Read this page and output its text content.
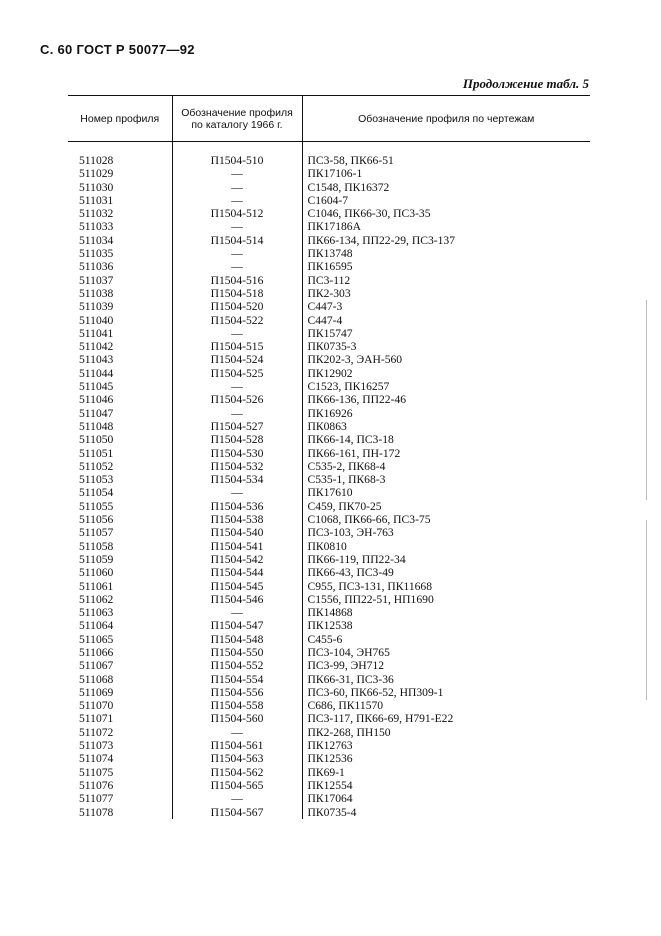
С. 60 ГОСТ Р 50077—92
Продолжение табл. 5
Номер профиля	Обозначение профиля по каталогу 1966 г.	Обозначение профиля по чертежам

511028	П1504-510	ПС3-58, ПК66-51
511029	—	ПК17106-1
511030	—	С1548, ПК16372
511031	—	С1604-7
511032	П1504-512	С1046, ПК66-30, ПС3-35
511033	—	ПК17186А
511034	П1504-514	ПК66-134, ПП22-29, ПС3-137
511035	—	ПК13748
511036	—	ПК16595
511037	П1504-516	ПС3-112
511038	П1504-518	ПК2-303
511039	П1504-520	С447-3
511040	П1504-522	С447-4
511041	—	ПК15747
511042	П1504-515	ПК0735-3
511043	П1504-524	ПК202-3, ЭАН-560
511044	П1504-525	ПК12902
511045	—	С1523, ПК16257
511046	П1504-526	ПК66-136, ПП22-46
511047	—	ПК16926
511048	П1504-527	ПК0863
511050	П1504-528	ПК66-14, ПС3-18
511051	П1504-530	ПК66-161, ПН-172
511052	П1504-532	С535-2, ПК68-4
511053	П1504-534	С535-1, ПК68-3
511054	—	ПК17610
511055	П1504-536	С459, ПК70-25
511056	П1504-538	С1068, ПК66-66, ПС3-75
511057	П1504-540	ПС3-103, ЭН-763
511058	П1504-541	ПК0810
511059	П1504-542	ПК66-119, ПП22-34
511060	П1504-544	ПК66-43, ПС3-49
511061	П1504-545	С955, ПС3-131, ПК11668
511062	П1504-546	С1556, ПП22-51, НП1690
511063	—	ПК14868
511064	П1504-547	ПК12538
511065	П1504-548	С455-6
511066	П1504-550	ПС3-104, ЭН765
511067	П1504-552	ПС3-99, ЭН712
511068	П1504-554	ПК66-31, ПС3-36
511069	П1504-556	ПС3-60, ПК66-52, НП309-1
511070	П1504-558	С686, ПК11570
511071	П1504-560	ПС3-117, ПК66-69, Н791-Е22
511072	—	ПК2-268, ПН150
511073	П1504-561	ПК12763
511074	П1504-563	ПК12536
511075	П1504-562	ПК69-1
511076	П1504-565	ПК12554
511077	—	ПК17064
511078	П1504-567	ПК0735-4
